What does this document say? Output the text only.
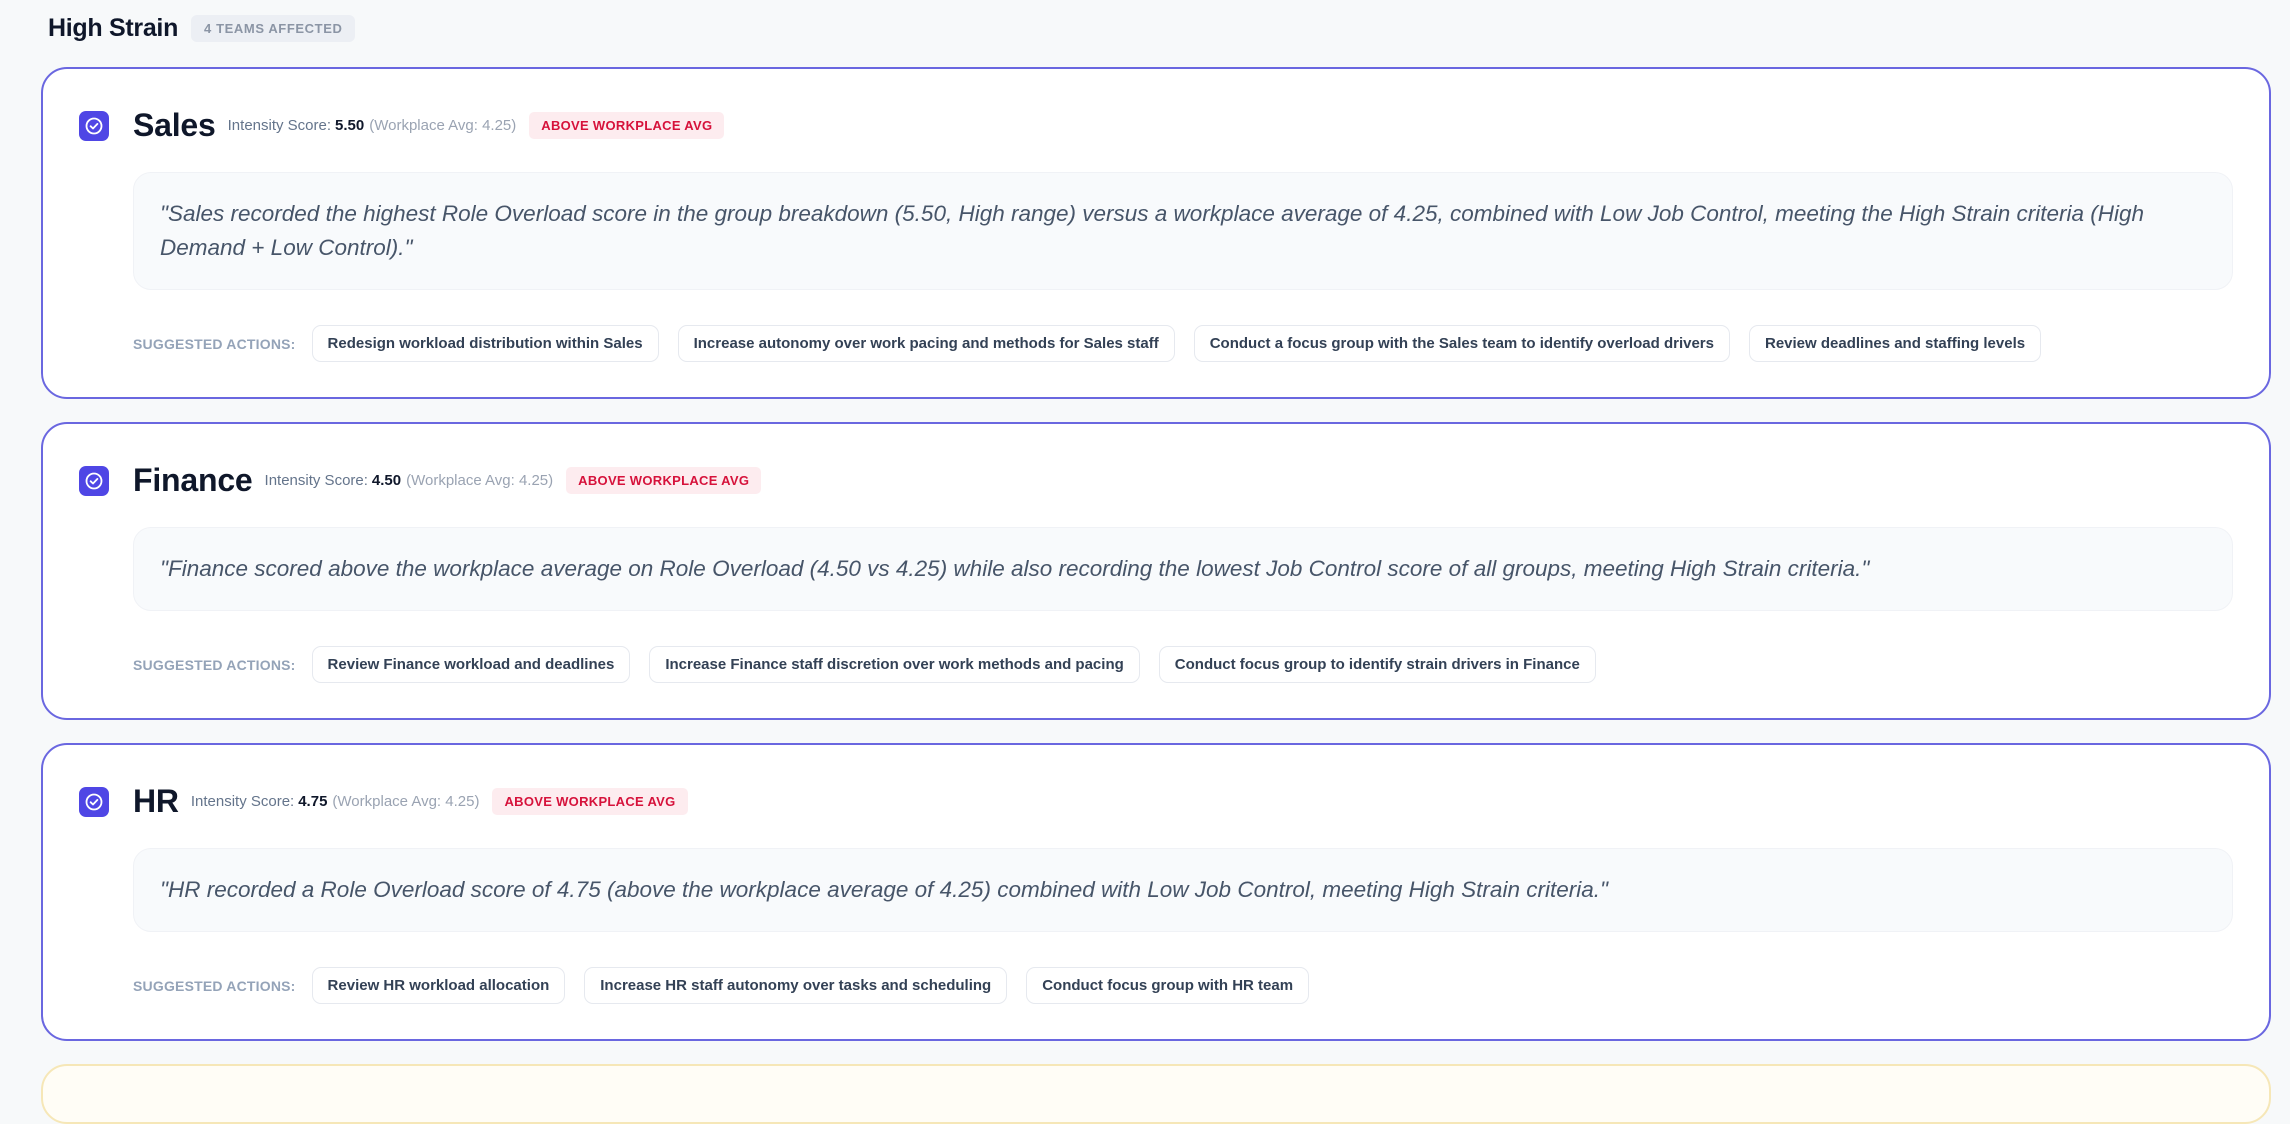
High Strain	4 TEAMS AFFECTED
Sales Intensity Score: 5.50 (Workplace Avg: 4.25)	ABOVE WORKPLACE AVG
"Sales recorded the highest Role Overload score in the group breakdown (5.50, High range) versus a workplace average of 4.25, combined with Low Job Control, meeting the High Strain criteria (High Demand + Low Control)."
SUGGESTED ACTIONS:	Redesign workload distribution within Sales	Increase autonomy over work pacing and methods for Sales staff	Conduct a focus group with the Sales team to identify overload drivers	Review deadlines and staffing levels
Finance Intensity Score: 4.50 (Workplace Avg: 4.25)	ABOVE WORKPLACE AVG
"Finance scored above the workplace average on Role Overload (4.50 vs 4.25) while also recording the lowest Job Control score of all groups, meeting High Strain criteria."
SUGGESTED ACTIONS:	Review Finance workload and deadlines	Increase Finance staff discretion over work methods and pacing	Conduct focus group to identify strain drivers in Finance
HR Intensity Score: 4.75 (Workplace Avg: 4.25)	ABOVE WORKPLACE AVG
"HR recorded a Role Overload score of 4.75 (above the workplace average of 4.25) combined with Low Job Control, meeting High Strain criteria."
SUGGESTED ACTIONS:	Review HR workload allocation	Increase HR staff autonomy over tasks and scheduling	Conduct focus group with HR team
